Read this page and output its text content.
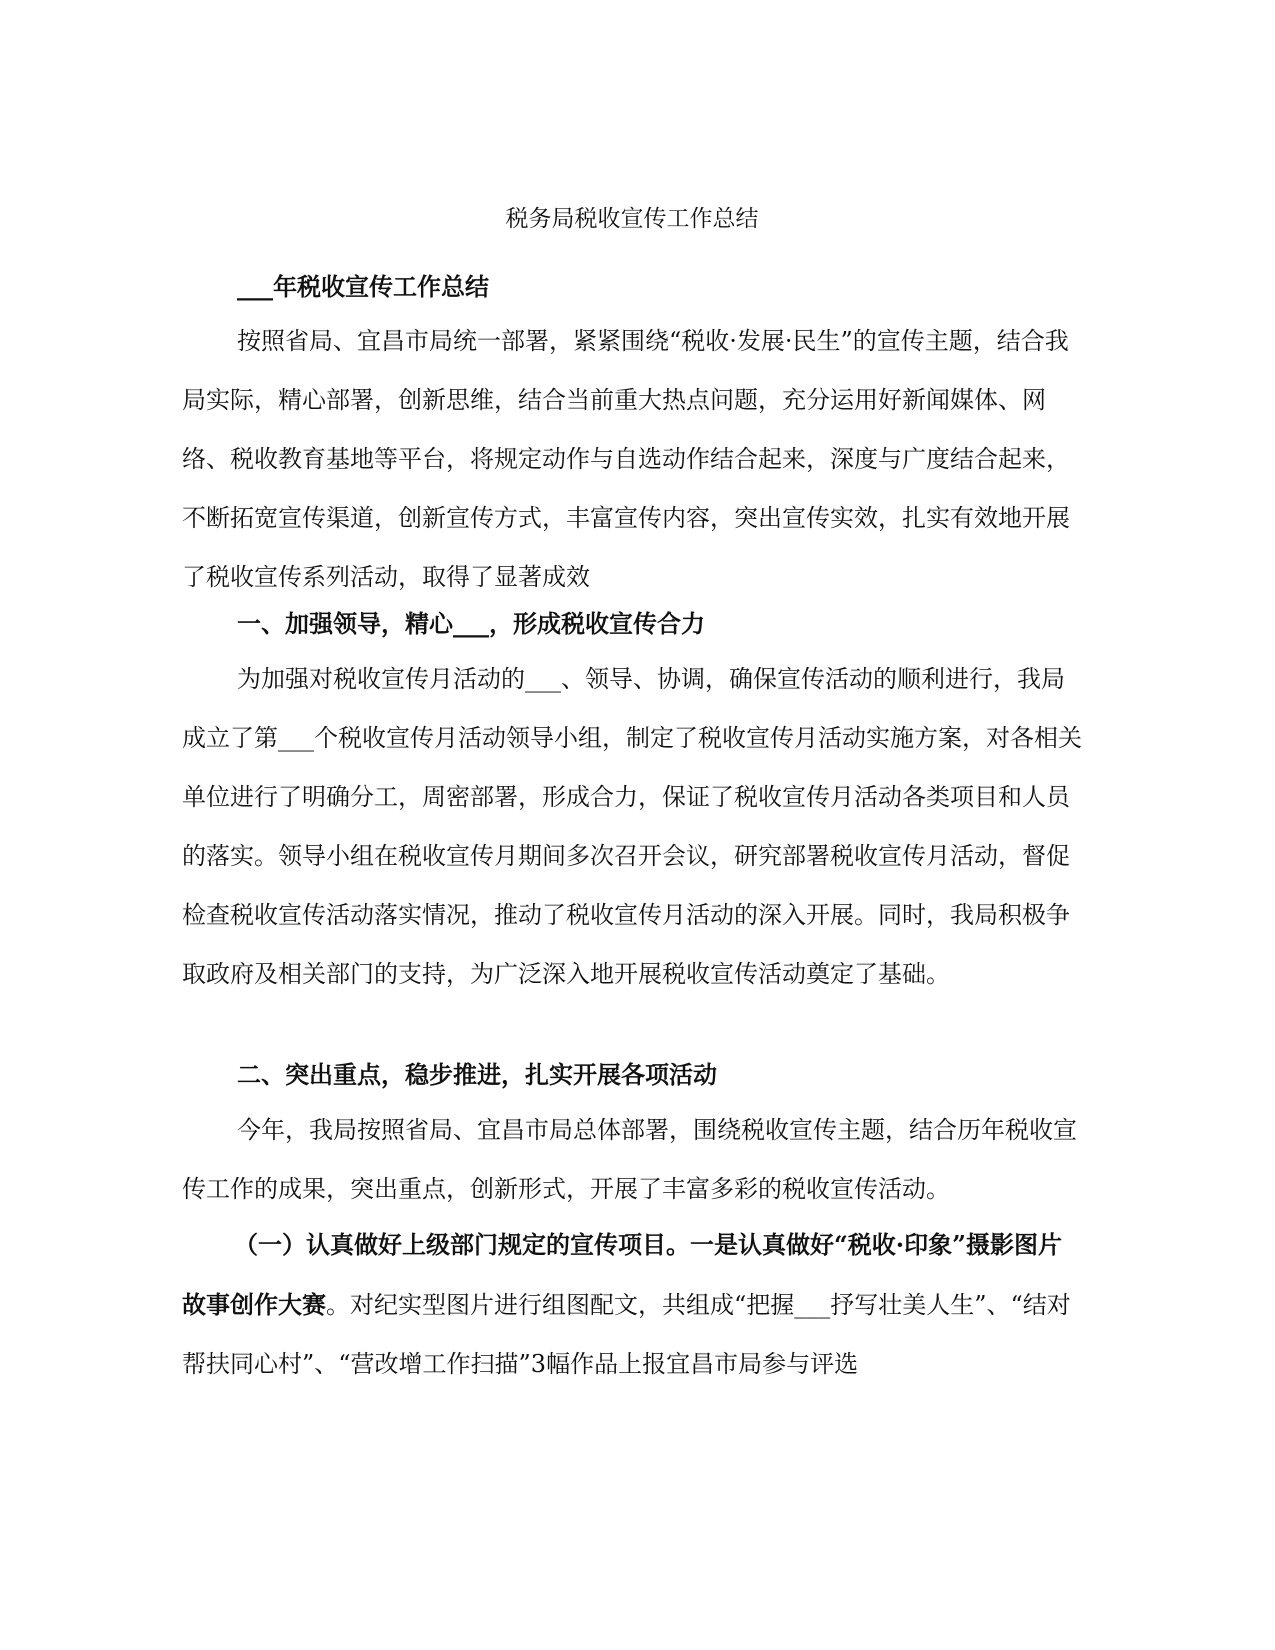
税务局税收宣传工作总结
___年税收宣传工作总结
按照省局、宜昌市局统一部署，紧紧围绕“税收·发展·民生”的宣传主题，结合我局实际，精心部署，创新思维，结合当前重大热点问题，充分运用好新闻媒体、网络、税收教育基地等平台，将规定动作与自选动作结合起来，深度与广度结合起来，不断拓宽宣传渠道，创新宣传方式，丰富宣传内容，突出宣传实效，扎实有效地开展了税收宣传系列活动，取得了显著成效
一、加强领导，精心___，形成税收宣传合力
为加强对税收宣传月活动的___、领导、协调，确保宣传活动的顺利进行，我局成立了第___个税收宣传月活动领导小组，制定了税收宣传月活动实施方案，对各相关单位进行了明确分工，周密部署，形成合力，保证了税收宣传月活动各类项目和人员的落实。领导小组在税收宣传月期间多次召开会议，研究部署税收宣传月活动，督促检查税收宣传活动落实情况，推动了税收宣传月活动的深入开展。同时，我局积极争取政府及相关部门的支持，为广泛深入地开展税收宣传活动奠定了基础。
二、突出重点，稳步推进，扎实开展各项活动
今年，我局按照省局、宜昌市局总体部署，围绕税收宣传主题，结合历年税收宣传工作的成果，突出重点，创新形式，开展了丰富多彩的税收宣传活动。
（一）认真做好上级部门规定的宣传项目。一是认真做好“税收·印象”摄影图片故事创作大赛。对纪实型图片进行组图配文，共组成“把握___抒写壮美人生”、“结对帮扶同心村”、“营改增工作扫描”3幅作品上报宜昌市局参与评选
